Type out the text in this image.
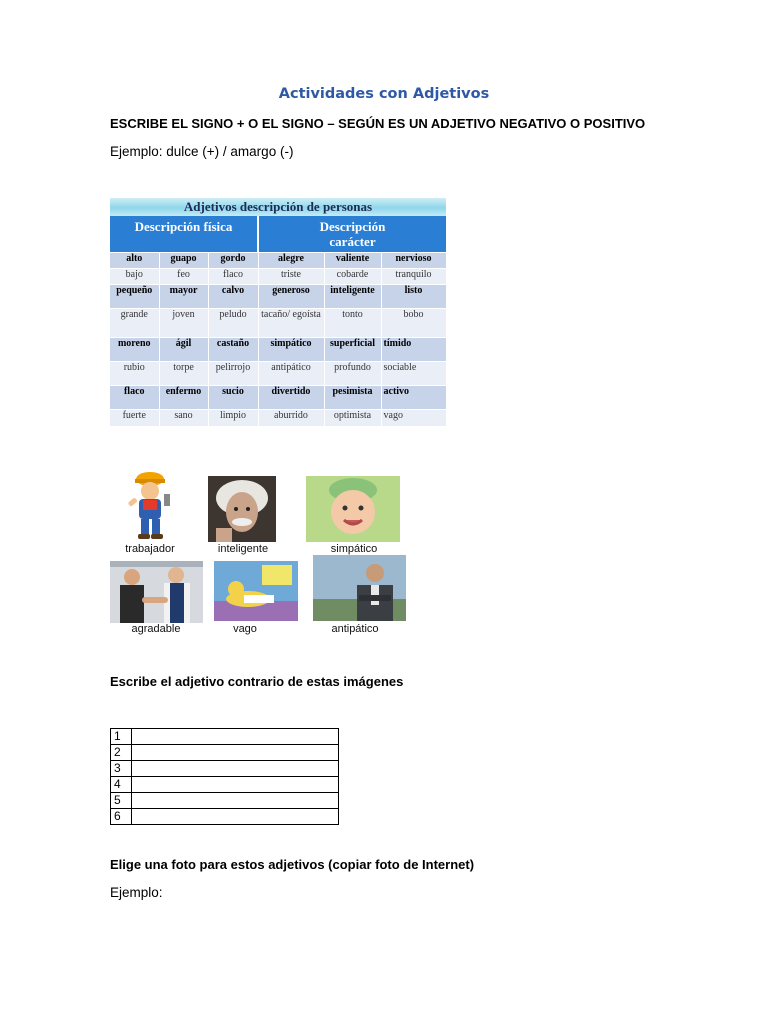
Actividades con Adjetivos
ESCRIBE EL SIGNO + O EL SIGNO – SEGÚN ES UN ADJETIVO NEGATIVO O POSITIVO
Ejemplo: dulce (+) / amargo (-)
Adjetivos descripción de personas
Descripción física	Descripción carácter
alto	guapo	gordo	alegre	valiente	nervioso
bajo	feo	flaco	triste	cobarde	tranquilo
pequeño	mayor	calvo	generoso	inteligente	listo
grande	joven	peludo	tacaño/ egoísta	tonto	bobo
moreno	ágil	castaño	simpático	superficial	tímido
rubio	torpe	pelirrojo	antipático	profundo	sociable
flaco	enfermo	sucio	divertido	pesimista	activo
fuerte	sano	limpio	aburrido	optimista	vago
trabajador	inteligente	simpático
agradable	vago	antipático
Escribe el adjetivo contrario de estas imágenes
1	
2	
3	
4	
5	
6	
Elige una foto para estos adjetivos (copiar foto de Internet)
Ejemplo:
